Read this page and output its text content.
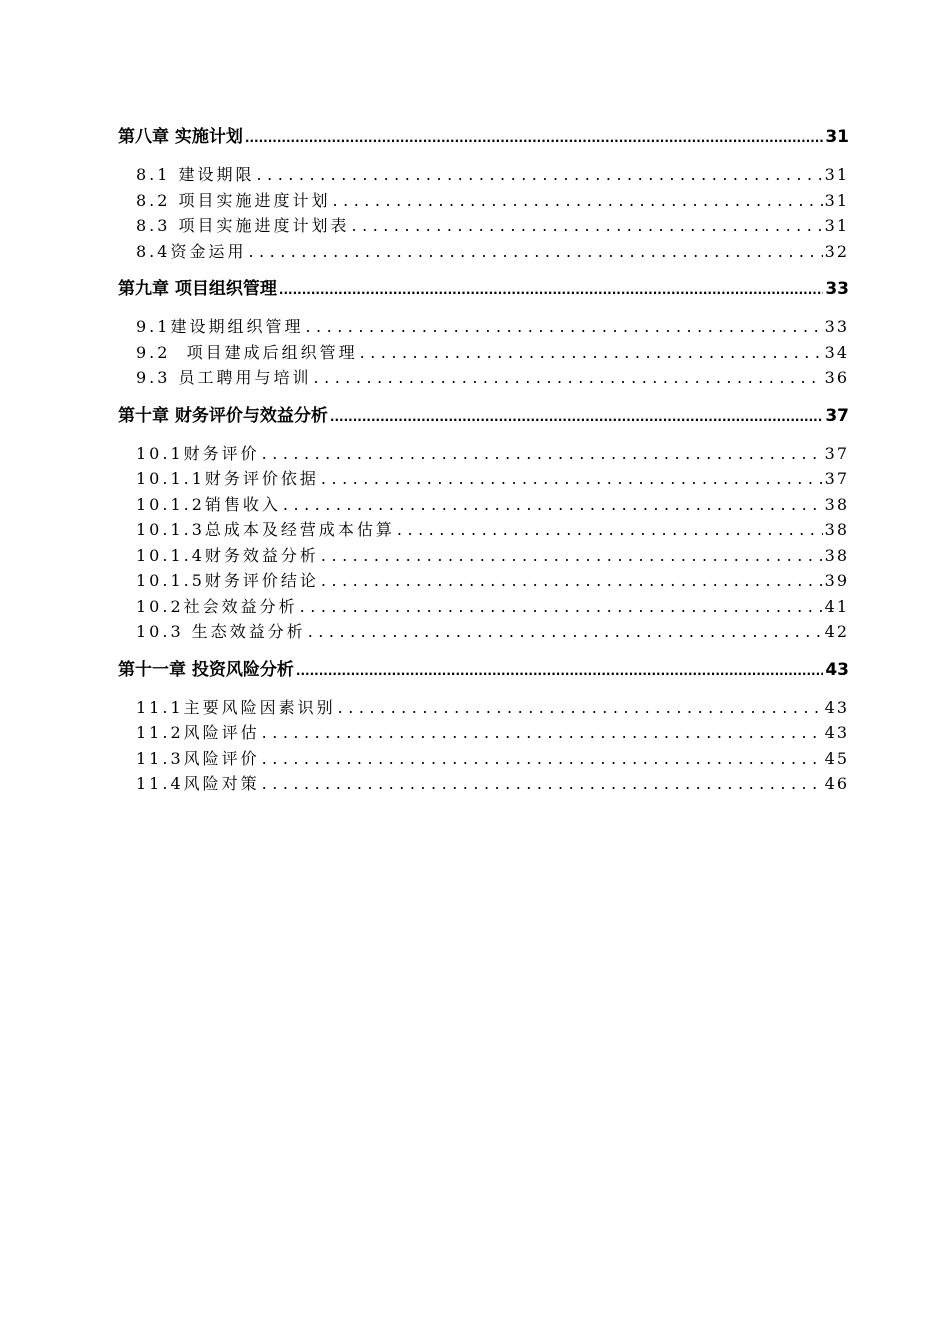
第八章 实施计划 .....	31
8.1 建设期限 .....	31
8.2 项目实施进度计划 .....	31
8.3 项目实施进度计划表 .....	31
8.4资金运用 .....	32
第九章 项目组织管理 .....	33
9.1建设期组织管理 .....	33
9.2  项目建成后组织管理 .....	34
9.3 员工聘用与培训 .....	36
第十章 财务评价与效益分析 .....	37
10.1财务评价 .....	37
10.1.1财务评价依据 .....	37
10.1.2销售收入 .....	38
10.1.3总成本及经营成本估算 .....	38
10.1.4财务效益分析 .....	38
10.1.5财务评价结论 .....	39
10.2社会效益分析 .....	41
10.3 生态效益分析 .....	42
第十一章 投资风险分析 .....	43
11.1主要风险因素识别 .....	43
11.2风险评估 .....	43
11.3风险评价 .....	45
11.4风险对策 .....	46
